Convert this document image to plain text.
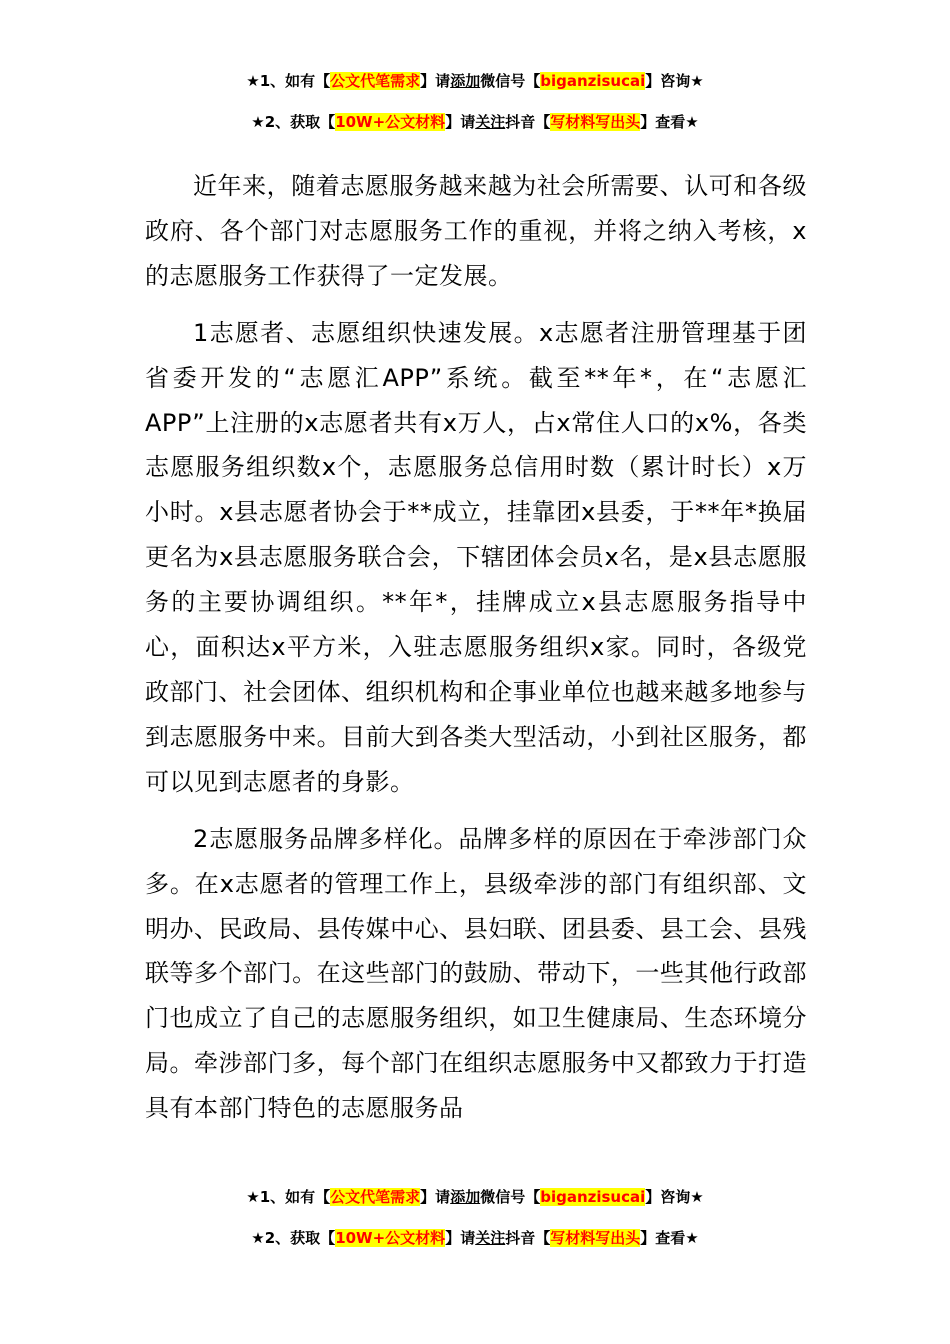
★1、如有【公文代笔需求】请添加微信号【biganzisucai】咨询★
★2、获取【10W+公文材料】请关注抖音【写材料写出头】查看★

近年来，随着志愿服务越来越为社会所需要、认可和各级政府、各个部门对志愿服务工作的重视，并将之纳入考核，x的志愿服务工作获得了一定发展。

1志愿者、志愿组织快速发展。x志愿者注册管理基于团省委开发的“志愿汇APP”系统。截至**年*，在“志愿汇APP”上注册的x志愿者共有x万人，占x常住人口的x%，各类志愿服务组织数x个，志愿服务总信用时数（累计时长）x万小时。x县志愿者协会于**成立，挂靠团x县委，于**年*换届更名为x县志愿服务联合会，下辖团体会员x名，是x县志愿服务的主要协调组织。**年*，挂牌成立x县志愿服务指导中心，面积达x平方米，入驻志愿服务组织x家。同时，各级党政部门、社会团体、组织机构和企事业单位也越来越多地参与到志愿服务中来。目前大到各类大型活动，小到社区服务，都可以见到志愿者的身影。

2志愿服务品牌多样化。品牌多样的原因在于牵涉部门众多。在x志愿者的管理工作上，县级牵涉的部门有组织部、文明办、民政局、县传媒中心、县妇联、团县委、县工会、县残联等多个部门。在这些部门的鼓励、带动下，一些其他行政部门也成立了自己的志愿服务组织，如卫生健康局、生态环境分局。牵涉部门多，每个部门在组织志愿服务中又都致力于打造具有本部门特色的志愿服务品

★1、如有【公文代笔需求】请添加微信号【biganzisucai】咨询★
★2、获取【10W+公文材料】请关注抖音【写材料写出头】查看★
